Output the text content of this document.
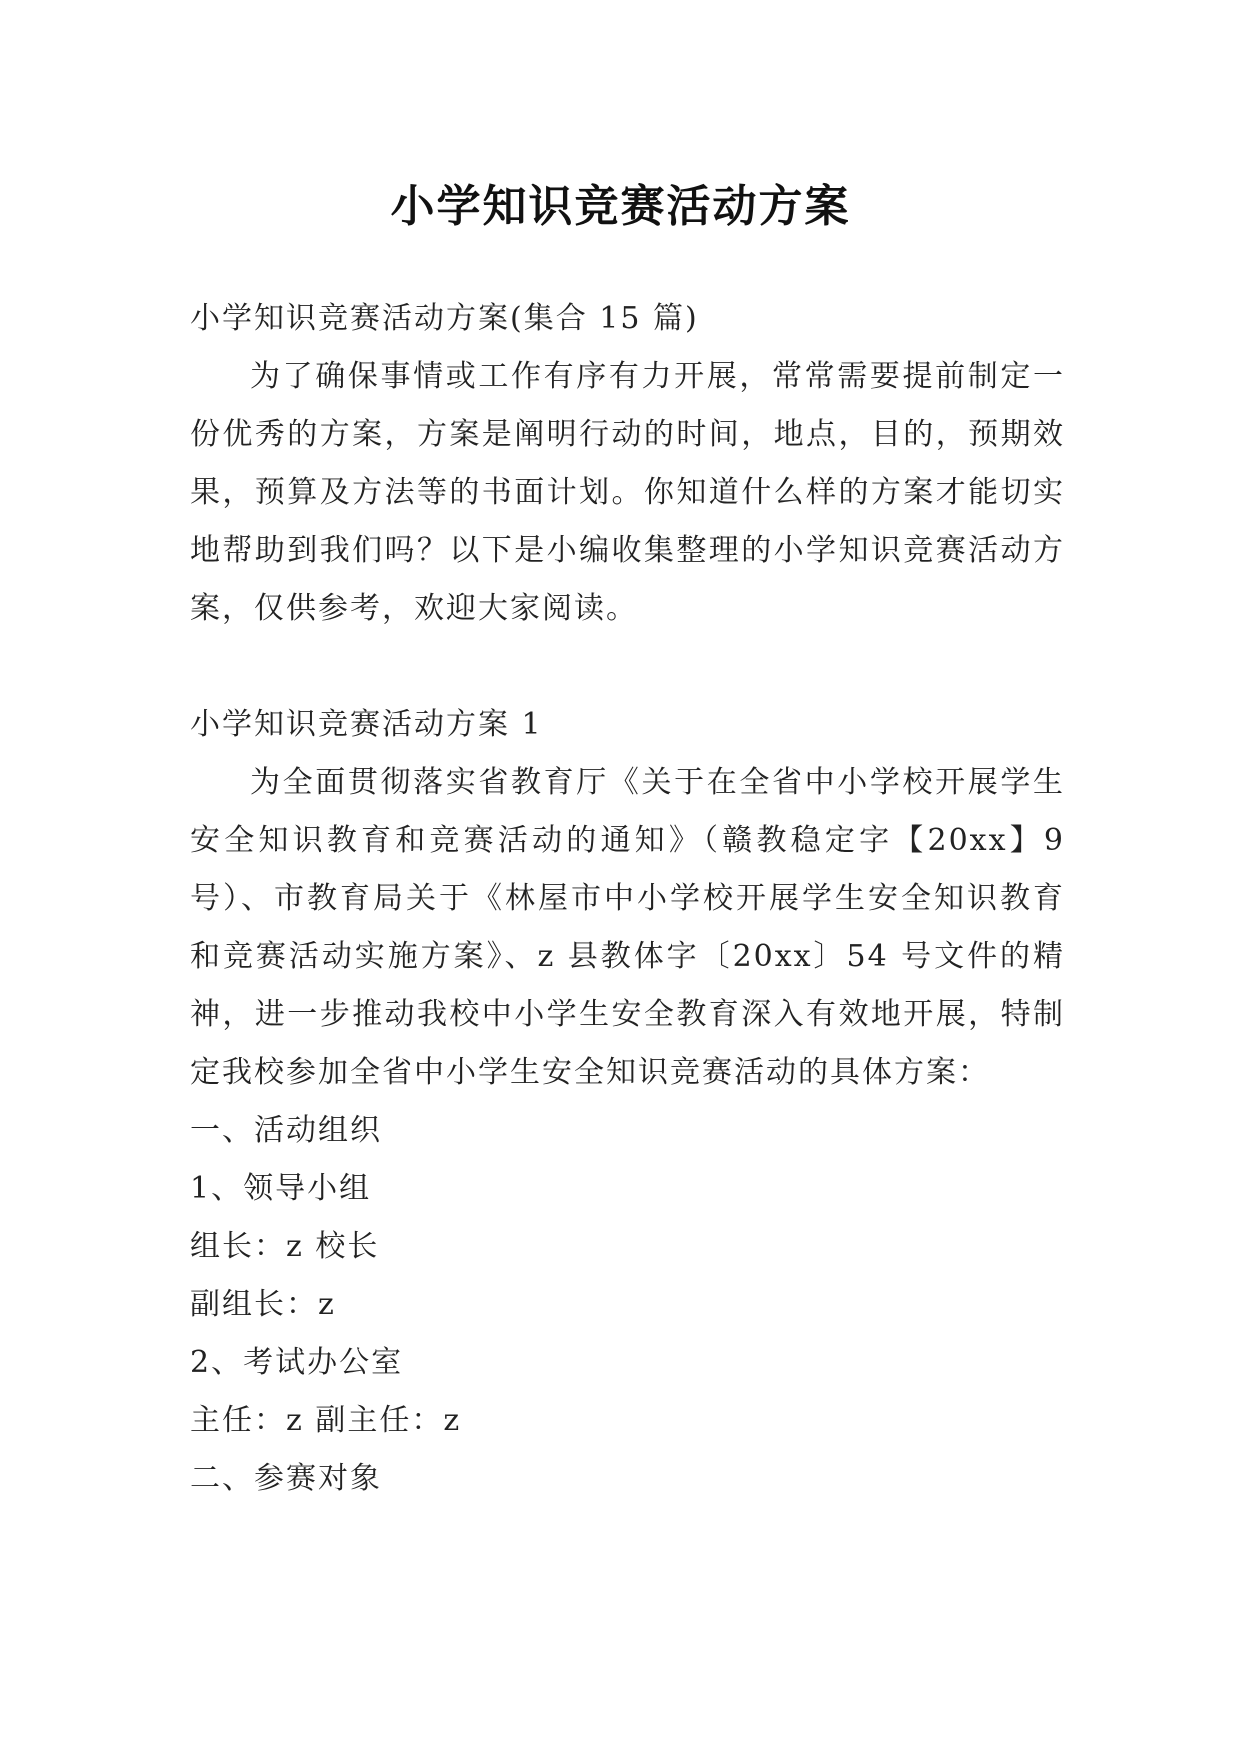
小学知识竞赛活动方案

小学知识竞赛活动方案(集合 15 篇)

为了确保事情或工作有序有力开展，常常需要提前制定一份优秀的方案，方案是阐明行动的时间，地点，目的，预期效果，预算及方法等的书面计划。你知道什么样的方案才能切实地帮助到我们吗？以下是小编收集整理的小学知识竞赛活动方案，仅供参考，欢迎大家阅读。

小学知识竞赛活动方案 1

为全面贯彻落实省教育厅《关于在全省中小学校开展学生安全知识教育和竞赛活动的通知》（赣教稳定字【20xx】9号）、市教育局关于《林屋市中小学校开展学生安全知识教育和竞赛活动实施方案》、z 县教体字〔20xx〕54 号文件的精神，进一步推动我校中小学生安全教育深入有效地开展，特制定我校参加全省中小学生安全知识竞赛活动的具体方案：

一、活动组织

1、领导小组

组长：z 校长

副组长：z

2、考试办公室

主任：z 副主任：z

二、参赛对象
